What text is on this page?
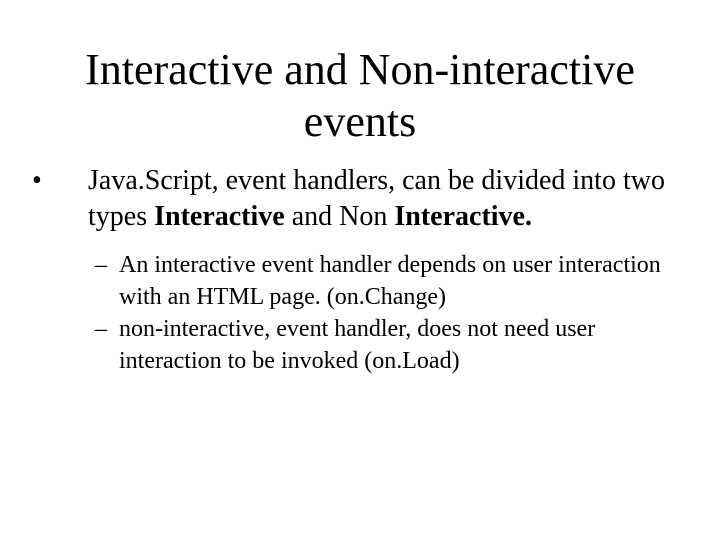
Interactive and Non-interactive
events
• Java.Script, event handlers, can be divided into two types Interactive and Non Interactive.
– An interactive event handler depends on user interaction with an HTML page. (on.Change)
– non-interactive, event handler, does not need user interaction to be invoked (on.Load)
